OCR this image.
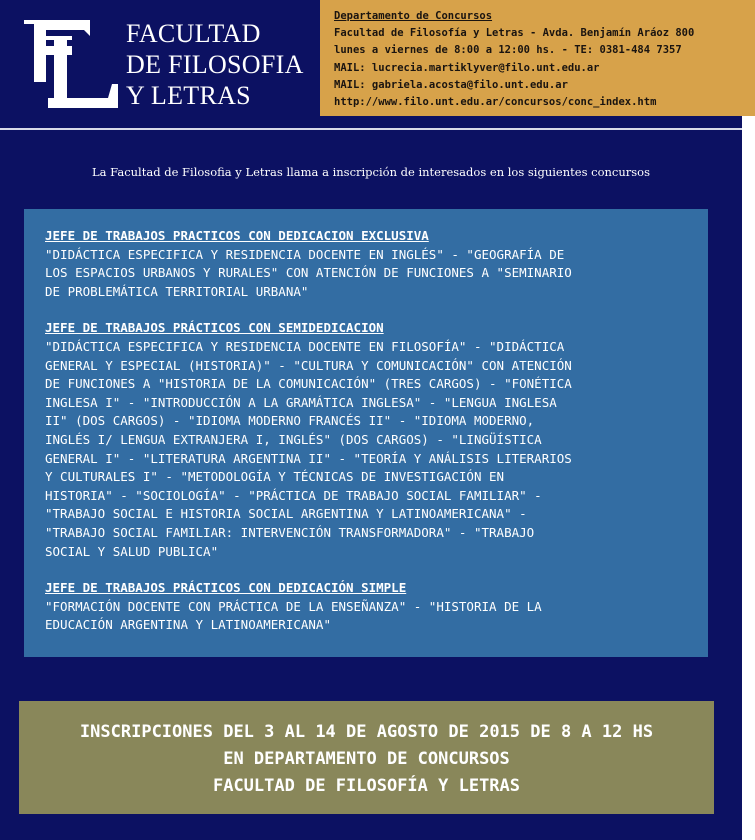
FACULTAD
DE FILOSOFIA
Y LETRAS
Departamento de Concursos
Facultad de Filosofía y Letras - Avda. Benjamín Aráoz 800
lunes a viernes de 8:00 a 12:00 hs. - TE: 0381-484 7357
MAIL: lucrecia.martiklyver@filo.unt.edu.ar
MAIL: gabriela.acosta@filo.unt.edu.ar
http://www.filo.unt.edu.ar/concursos/conc_index.htm
La Facultad de Filosofia y Letras llama a inscripción de interesados en los siguientes concursos
JEFE DE TRABAJOS PRACTICOS CON DEDICACION EXCLUSIVA
"DIDÁCTICA ESPECIFICA Y RESIDENCIA DOCENTE EN INGLÉS" - "GEOGRAFÍA DE
LOS ESPACIOS URBANOS Y RURALES" CON ATENCIÓN DE FUNCIONES A "SEMINARIO
DE PROBLEMÁTICA TERRITORIAL URBANA"
JEFE DE TRABAJOS PRÁCTICOS CON SEMIDEDICACION
"DIDÁCTICA ESPECIFICA Y RESIDENCIA DOCENTE EN FILOSOFÍA" - "DIDÁCTICA
GENERAL Y ESPECIAL (HISTORIA)" - "CULTURA Y COMUNICACIÓN" CON ATENCIÓN
DE FUNCIONES A "HISTORIA DE LA COMUNICACIÓN" (TRES CARGOS) - "FONÉTICA
INGLESA I" - "INTRODUCCIÓN A LA GRAMÁTICA INGLESA" - "LENGUA INGLESA
II" (DOS CARGOS) - "IDIOMA MODERNO FRANCÉS II" - "IDIOMA MODERNO,
INGLÉS I/ LENGUA EXTRANJERA I, INGLÉS" (DOS CARGOS) - "LINGÜÍSTICA
GENERAL I" - "LITERATURA ARGENTINA II" - "TEORÍA Y ANÁLISIS LITERARIOS
Y CULTURALES I" - "METODOLOGÍA Y TÉCNICAS DE INVESTIGACIÓN EN
HISTORIA" - "SOCIOLOGÍA" - "PRÁCTICA DE TRABAJO SOCIAL FAMILIAR" -
"TRABAJO SOCIAL E HISTORIA SOCIAL ARGENTINA Y LATINOAMERICANA" -
"TRABAJO SOCIAL FAMILIAR: INTERVENCIÓN TRANSFORMADORA" - "TRABAJO
SOCIAL Y SALUD PUBLICA"
JEFE DE TRABAJOS PRÁCTICOS CON DEDICACIÓN SIMPLE
"FORMACIÓN DOCENTE CON PRÁCTICA DE LA ENSEÑANZA" - "HISTORIA DE LA
EDUCACIÓN ARGENTINA Y LATINOAMERICANA"
INSCRIPCIONES DEL 3 AL 14 DE AGOSTO DE 2015 DE 8 A 12 HS
EN DEPARTAMENTO DE CONCURSOS
FACULTAD DE FILOSOFÍA Y LETRAS
